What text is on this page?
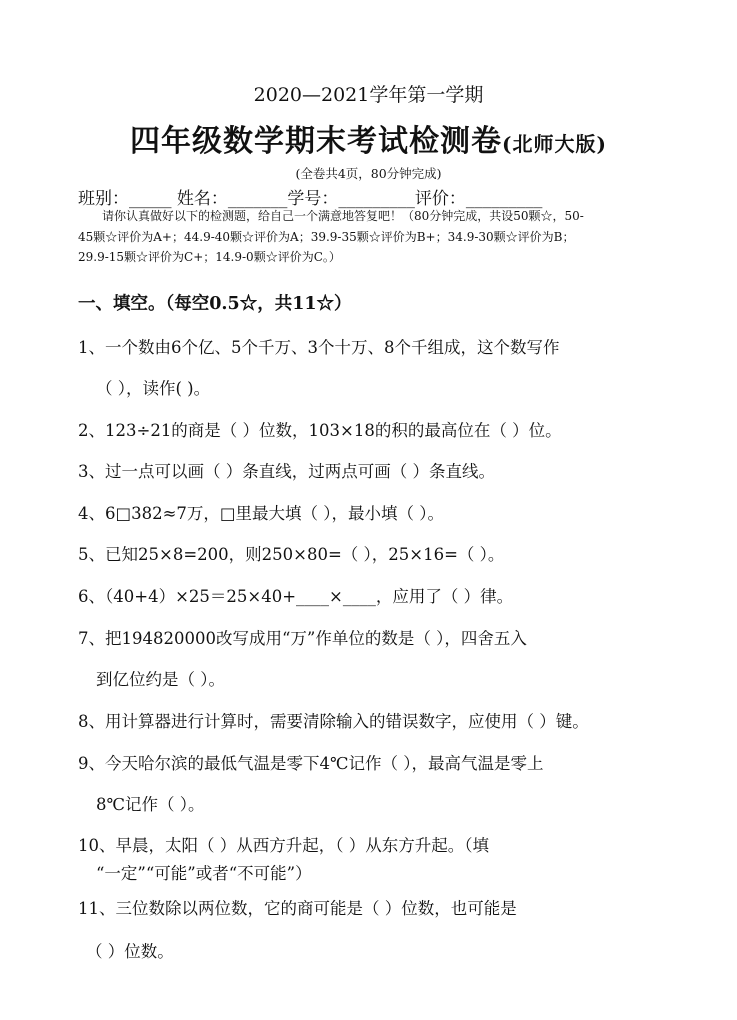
2020—2021学年第一学期
四年级数学期末考试检测卷(北师大版)
(全卷共4页，80分钟完成)
班别：_____ 姓名：_______学号：_________评价：_________
请你认真做好以下的检测题，给自己一个满意地答复吧！（80分钟完成，共设50颗☆，50-
45颗☆评价为A+；44.9-40颗☆评价为A；39.9-35颗☆评价为B+；34.9-30颗☆评价为B；
29.9-15颗☆评价为C+；14.9-0颗☆评价为C。）
一、填空。（每空0.5☆，共11☆）
1、一个数由6个亿、5个千万、3个十万、8个千组成，这个数写作
（ ），读作( )。
2、123÷21的商是（ ）位数，103×18的积的最高位在（ ）位。
3、过一点可以画（ ）条直线，过两点可画（ ）条直线。
4、6□382≈7万，□里最大填（ ），最小填（ ）。
5、已知25×8=200，则250×80=（ ），25×16=（ ）。
6、（40+4）×25＝25×40+____×____，应用了（ ）律。
7、把194820000改写成用“万”作单位的数是（ ），四舍五入
到亿位约是（ ）。
8、用计算器进行计算时，需要清除输入的错误数字，应使用（ ）键。
9、今天哈尔滨的最低气温是零下4℃记作（ ），最高气温是零上
8℃记作（ ）。
10、早晨，太阳（ ）从西方升起，（ ）从东方升起。（填
“一定”“可能”或者“不可能”）
11、三位数除以两位数，它的商可能是（ ）位数，也可能是
（ ）位数。
